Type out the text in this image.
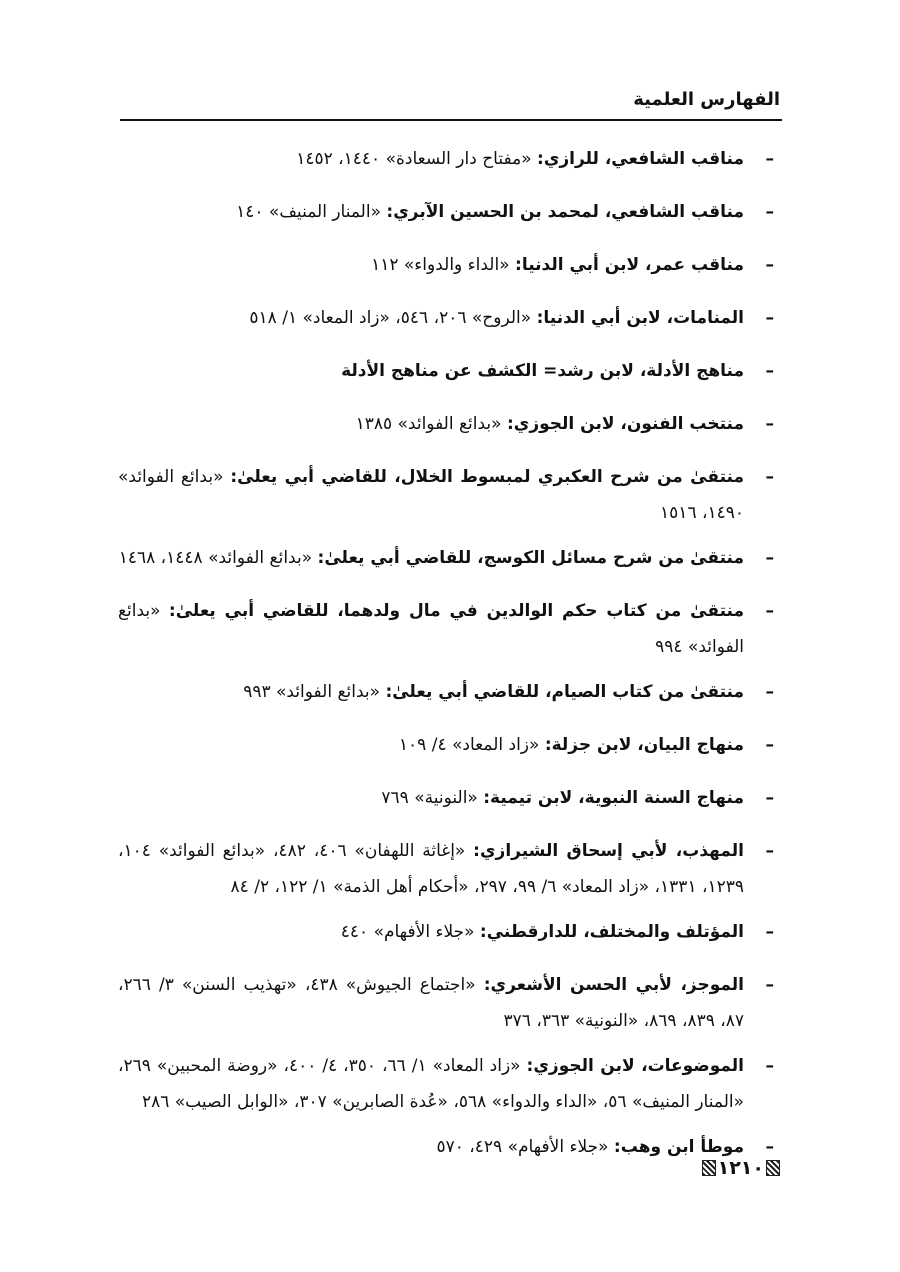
الفهارس العلمية
–
مناقب الشافعي، للرازي: «مفتاح دار السعادة» ١٤٤٠، ١٤٥٢
–
مناقب الشافعي، لمحمد بن الحسين الآبري: «المنار المنيف» ١٤٠
–
مناقب عمر، لابن أبي الدنيا: «الداء والدواء» ١١٢
–
المنامات، لابن أبي الدنيا: «الروح» ٢٠٦، ٥٤٦، «زاد المعاد» ١/ ٥١٨
–
مناهج الأدلة، لابن رشد= الكشف عن مناهج الأدلة
–
منتخب الفنون، لابن الجوزي: «بدائع الفوائد» ١٣٨٥
–
منتقىٰ من شرح العكبري لمبسوط الخلال، للقاضي أبي يعلىٰ: «بدائع الفوائد» ١٤٩٠، ١٥١٦
–
منتقىٰ من شرح مسائل الكوسج، للقاضي أبي يعلىٰ: «بدائع الفوائد» ١٤٤٨، ١٤٦٨
–
منتقىٰ من كتاب حكم الوالدين في مال ولدهما، للقاضي أبي يعلىٰ: «بدائع الفوائد» ٩٩٤
–
منتقىٰ من كتاب الصيام، للقاضي أبي يعلىٰ: «بدائع الفوائد» ٩٩٣
–
منهاج البيان، لابن جزلة: «زاد المعاد» ٤/ ١٠٩
–
منهاج السنة النبوية، لابن تيمية: «النونية» ٧٦٩
–
المهذب، لأبي إسحاق الشيرازي: «إغاثة اللهفان» ٤٠٦، ٤٨٢، «بدائع الفوائد» ١٠٤، ١٢٣٩، ١٣٣١، «زاد المعاد» ٦/ ٩٩، ٢٩٧، «أحكام أهل الذمة» ١/ ١٢٢، ٢/ ٨٤
–
المؤتلف والمختلف، للدارقطني: «جلاء الأفهام» ٤٤٠
–
الموجز، لأبي الحسن الأشعري: «اجتماع الجيوش» ٤٣٨، «تهذيب السنن» ٣/ ٢٦٦، ٨٧، ٨٣٩، ٨٦٩، «النونية» ٣٦٣، ٣٧٦
–
الموضوعات، لابن الجوزي: «زاد المعاد» ١/ ٦٦، ٣٥٠، ٤/ ٤٠٠، «روضة المحبين» ٢٦٩، «المنار المنيف» ٥٦، «الداء والدواء» ٥٦٨، «عُدة الصابرين» ٣٠٧، «الوابل الصيب» ٢٨٦
–
موطأ ابن وهب: «جلاء الأفهام» ٤٢٩، ٥٧٠
١٢١٠
